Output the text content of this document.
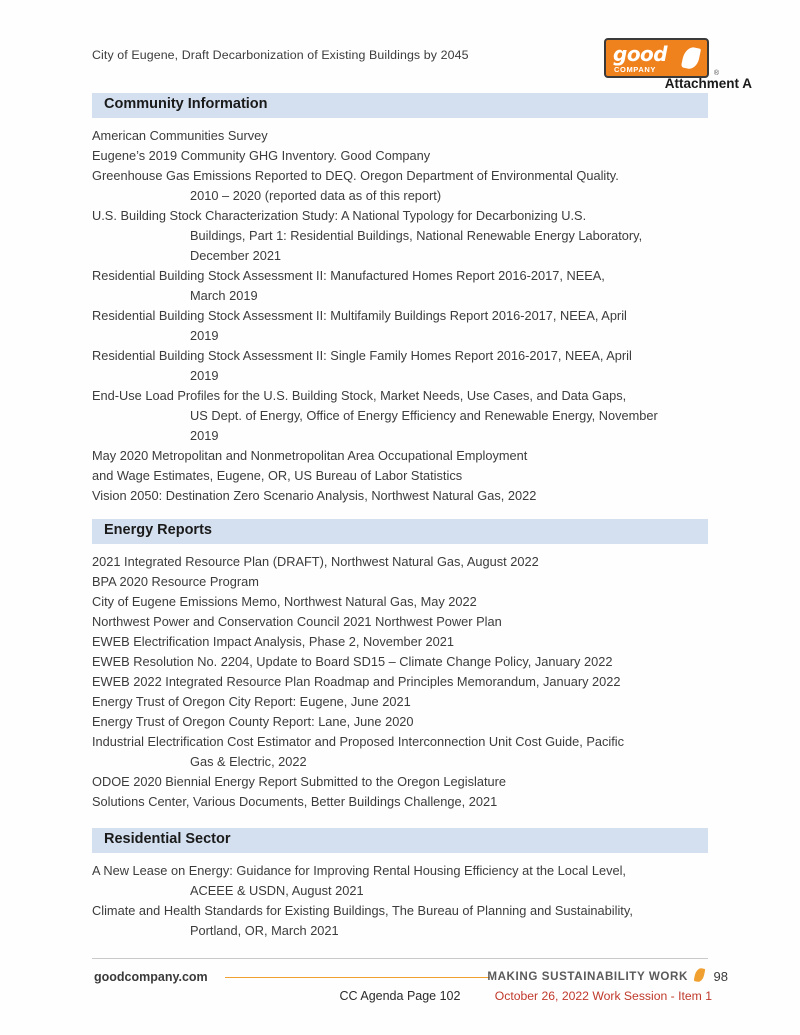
City of Eugene, Draft Decarbonization of Existing Buildings by 2045	good
COMPANY	®
Attachment A
Community Information
American Communities Survey
Eugene’s 2019 Community GHG Inventory. Good Company
Greenhouse Gas Emissions Reported to DEQ. Oregon Department of Environmental Quality.
2010 – 2020 (reported data as of this report)
U.S. Building Stock Characterization Study: A National Typology for Decarbonizing U.S.
Buildings, Part 1: Residential Buildings, National Renewable Energy Laboratory,
December 2021
Residential Building Stock Assessment II: Manufactured Homes Report 2016-2017, NEEA,
March 2019
Residential Building Stock Assessment II: Multifamily Buildings Report 2016-2017, NEEA, April
2019
Residential Building Stock Assessment II: Single Family Homes Report 2016-2017, NEEA, April
2019
End-Use Load Profiles for the U.S. Building Stock, Market Needs, Use Cases, and Data Gaps,
US Dept. of Energy, Office of Energy Efficiency and Renewable Energy, November
2019
May 2020 Metropolitan and Nonmetropolitan Area Occupational Employment
and Wage Estimates, Eugene, OR, US Bureau of Labor Statistics
Vision 2050: Destination Zero Scenario Analysis, Northwest Natural Gas, 2022
Energy Reports
2021 Integrated Resource Plan (DRAFT), Northwest Natural Gas, August 2022
BPA 2020 Resource Program
City of Eugene Emissions Memo, Northwest Natural Gas, May 2022
Northwest Power and Conservation Council 2021 Northwest Power Plan
EWEB Electrification Impact Analysis, Phase 2, November 2021
EWEB Resolution No. 2204, Update to Board SD15 – Climate Change Policy, January 2022
EWEB 2022 Integrated Resource Plan Roadmap and Principles Memorandum, January 2022
Energy Trust of Oregon City Report: Eugene, June 2021
Energy Trust of Oregon County Report: Lane, June 2020
Industrial Electrification Cost Estimator and Proposed Interconnection Unit Cost Guide, Pacific
Gas & Electric, 2022
ODOE 2020 Biennial Energy Report Submitted to the Oregon Legislature
Solutions Center, Various Documents, Better Buildings Challenge, 2021
Residential Sector
A New Lease on Energy: Guidance for Improving Rental Housing Efficiency at the Local Level,
ACEEE & USDN, August 2021
Climate and Health Standards for Existing Buildings, The Bureau of Planning and Sustainability,
Portland, OR, March 2021
goodcompany.com	MAKING SUSTAINABILITY WORK 98
CC Agenda Page 102	October 26, 2022 Work Session - Item 1
